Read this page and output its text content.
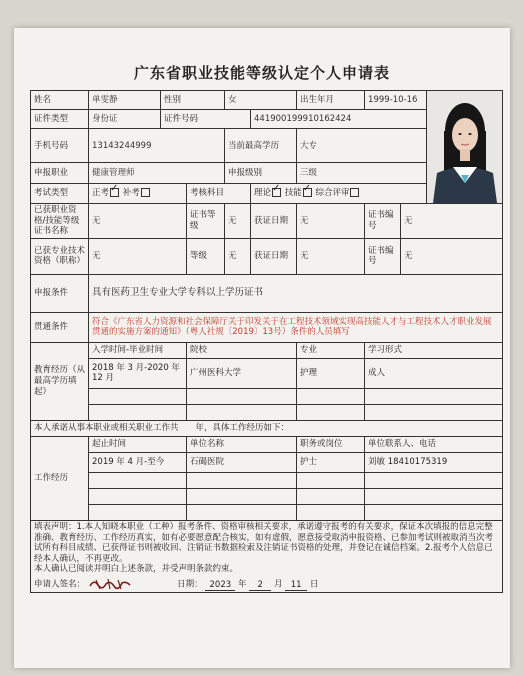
广东省职业技能等级认定个人申请表
姓名	单雯静	性别		女		出生年月	1999-10-16	

证件类型	身份证	证件号码			441900199910162424				
手机号码	13143244999			当前最高学历		大专			
申报职业	健康管理师			申报级别		三级			
考试类型	正考 ✓ 补考		考核科目		理论 ✓ 技能 ✓ 综合评审
已获职业资格/技能等级证书名称	无		证书等级	无	获证日期	无	证书编号	无	
已获专业技术资格（职称）	无		等级	无	获证日期	无	证书编号	无	
申报条件	具有医药卫生专业大学专科以上学历证书								
贯通条件	符合《广东省人力资源和社会保障厅关于印发关于在工程技术领域实现高技能人才与工程技术人才职业发展贯通的实施方案的通知》（粤人社规〔2019〕13号）条件的人员填写								
教育经历（从最高学历填起）	入学时间-毕业时间		院校			专业	学习形式		
	2018 年 3 月-2020 年 12 月		广州医科大学			护理	成人		

本人承诺从事本职业或相关职业工作共　　年，具体工作经历如下：									
工作经历	起止时间		单位名称			职务或岗位	单位联系人、电话		
	2019 年 4 月-至今		石碣医院			护士	刘敏 18410175319		

填表声明：1.本人知晓本职业（工种）报考条件、资格审核相关要求，承诺遵守报考的有关要求，保证本次填报的信息完整准确、教育经历、工作经历真实，如有必要愿意配合核实，如有虚假，愿意接受取消申报资格、已参加考试则被取消当次考试所有科目成绩、已获得证书则被收回、注销证书数据检索及注销证书资格的处理，并登记在诚信档案。2.报考个人信息已经本人确认，不再更改。
本人确认已阅读并明白上述条款，并受声明条款约束。
申请人签名： 日期： 2023 年 2 月 11 日									
